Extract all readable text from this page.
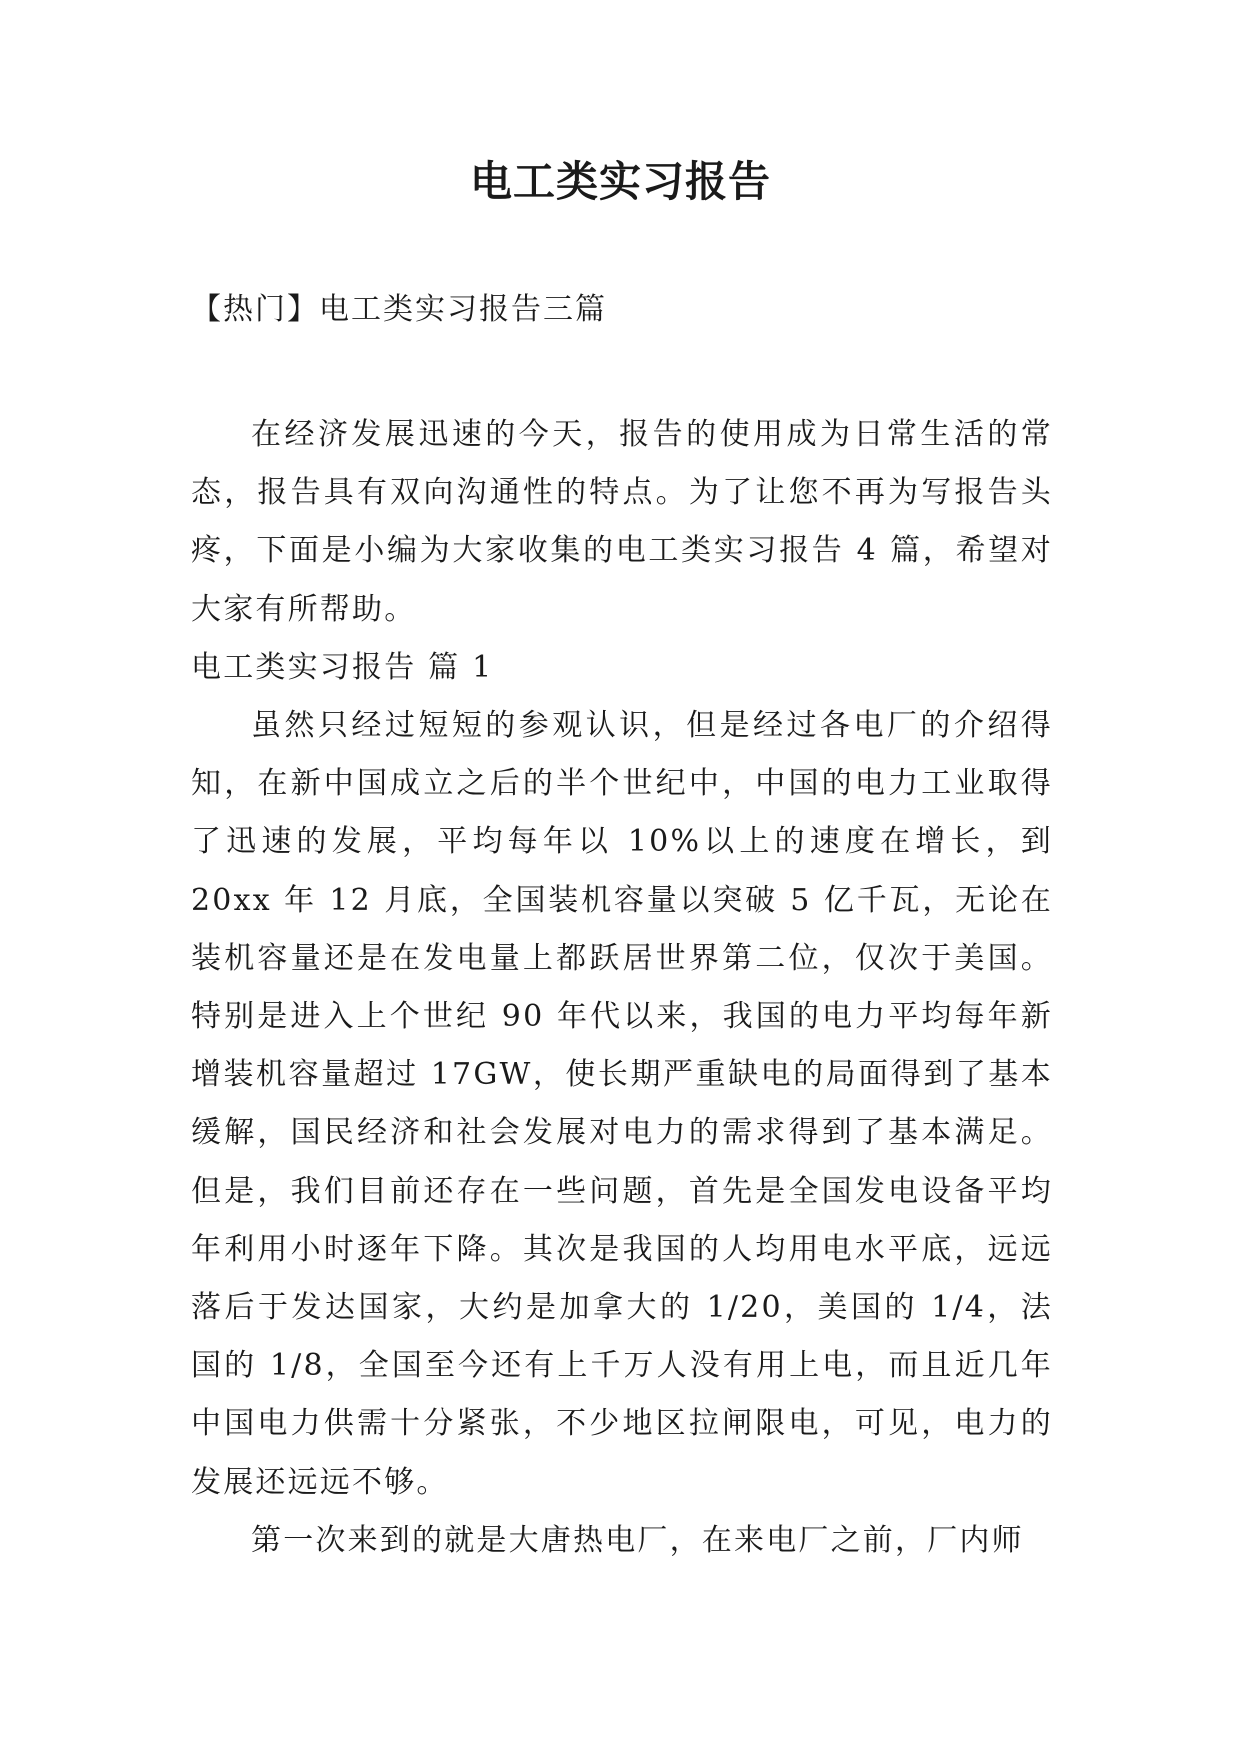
电工类实习报告

【热门】电工类实习报告三篇

在经济发展迅速的今天，报告的使用成为日常生活的常态，报告具有双向沟通性的特点。为了让您不再为写报告头疼，下面是小编为大家收集的电工类实习报告 4 篇，希望对大家有所帮助。

电工类实习报告 篇 1

虽然只经过短短的参观认识，但是经过各电厂的介绍得知，在新中国成立之后的半个世纪中，中国的电力工业取得了迅速的发展，平均每年以 10%以上的速度在增长，到 20xx 年 12 月底，全国装机容量以突破 5 亿千瓦，无论在装机容量还是在发电量上都跃居世界第二位，仅次于美国。特别是进入上个世纪 90 年代以来，我国的电力平均每年新增装机容量超过 17GW，使长期严重缺电的局面得到了基本缓解，国民经济和社会发展对电力的需求得到了基本满足。 但是，我们目前还存在一些问题，首先是全国发电设备平均年利用小时逐年下降。其次是我国的人均用电水平底，远远落后于发达国家，大约是加拿大的 1/20，美国的 1/4，法国的 1/8，全国至今还有上千万人没有用上电，而且近几年中国电力供需十分紧张，不少地区拉闸限电，可见，电力的发展还远远不够。

第一次来到的就是大唐热电厂，在来电厂之前，厂内师
